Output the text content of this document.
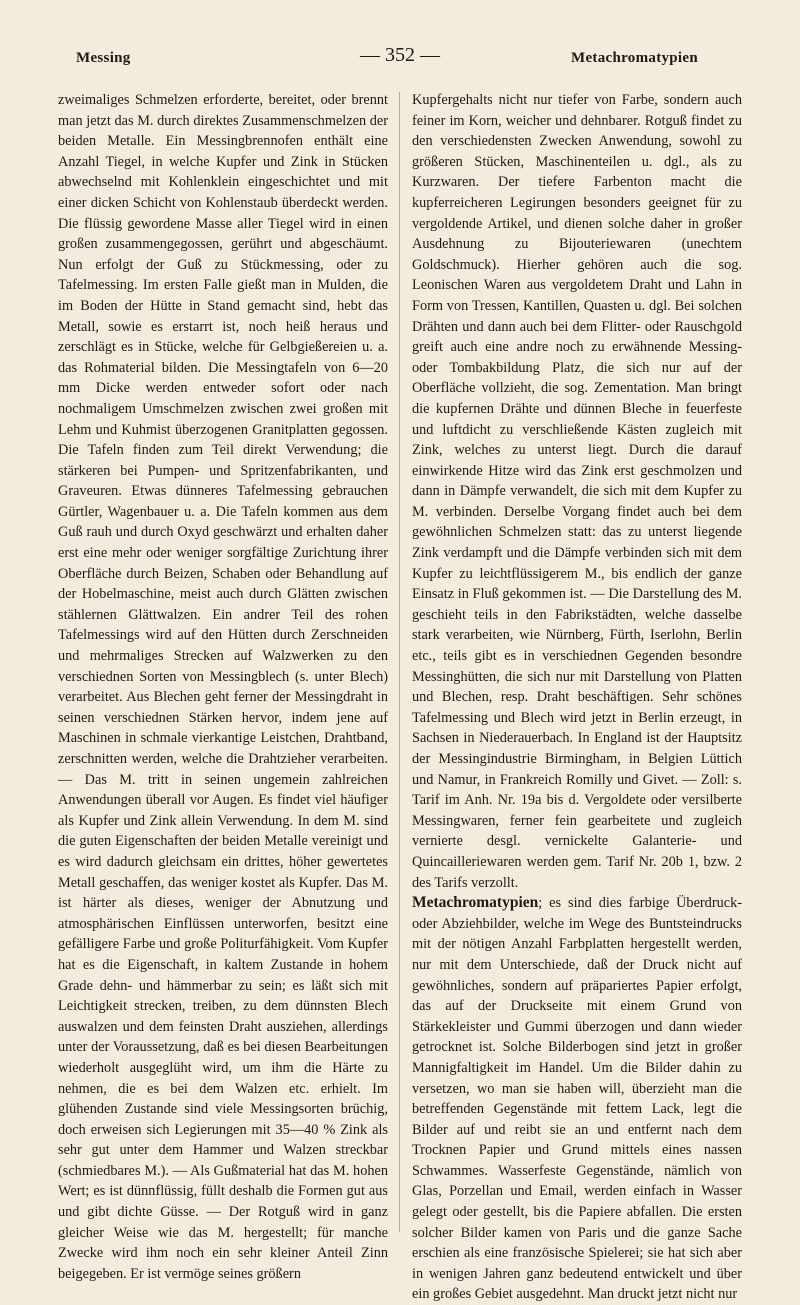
Messing	— 352 —	Metachromatypien

zweimaliges Schmelzen erforderte, bereitet, oder brennt man jetzt das M. durch direktes Zusammenschmelzen der beiden Metalle. Ein Messingbrennofen enthält eine Anzahl Tiegel, in welche Kupfer und Zink in Stücken abwechselnd mit Kohlenklein eingeschichtet und mit einer dicken Schicht von Kohlenstaub überdeckt werden. Die flüssig gewordene Masse aller Tiegel wird in einen großen zusammengegossen, gerührt und abgeschäumt. Nun erfolgt der Guß zu Stückmessing, oder zu Tafelmessing. Im ersten Falle gießt man in Mulden, die im Boden der Hütte in Stand gemacht sind, hebt das Metall, sowie es erstarrt ist, noch heiß heraus und zerschlägt es in Stücke, welche für Gelbgießereien u. a. das Rohmaterial bilden. Die Messingtafeln von 6—20 mm Dicke werden entweder sofort oder nach nochmaligem Umschmelzen zwischen zwei großen mit Lehm und Kuhmist überzogenen Granitplatten gegossen. Die Tafeln finden zum Teil direkt Verwendung; die stärkeren bei Pumpen- und Spritzenfabrikanten, und Graveuren. Etwas dünneres Tafelmessing gebrauchen Gürtler, Wagenbauer u. a. Die Tafeln kommen aus dem Guß rauh und durch Oxyd geschwärzt und erhalten daher erst eine mehr oder weniger sorgfältige Zurichtung ihrer Oberfläche durch Beizen, Schaben oder Behandlung auf der Hobelmaschine, meist auch durch Glätten zwischen stählernen Glättwalzen. Ein andrer Teil des rohen Tafelmessings wird auf den Hütten durch Zerschneiden und mehrmaliges Strecken auf Walzwerken zu den verschiednen Sorten von Messingblech (s. unter Blech) verarbeitet. Aus Blechen geht ferner der Messingdraht in seinen verschiednen Stärken hervor, indem jene auf Maschinen in schmale vierkantige Leistchen, Drahtband, zerschnitten werden, welche die Drahtzieher verarbeiten. — Das M. tritt in seinen ungemein zahlreichen Anwendungen überall vor Augen. Es findet viel häufiger als Kupfer und Zink allein Verwendung. In dem M. sind die guten Eigenschaften der beiden Metalle vereinigt und es wird dadurch gleichsam ein drittes, höher gewertetes Metall geschaffen, das weniger kostet als Kupfer. Das M. ist härter als dieses, weniger der Abnutzung und atmosphärischen Einflüssen unterworfen, besitzt eine gefälligere Farbe und große Politurfähigkeit. Vom Kupfer hat es die Eigenschaft, in kaltem Zustande in hohem Grade dehn- und hämmerbar zu sein; es läßt sich mit Leichtigkeit strecken, treiben, zu dem dünnsten Blech auswalzen und dem feinsten Draht ausziehen, allerdings unter der Voraussetzung, daß es bei diesen Bearbeitungen wiederholt ausgeglüht wird, um ihm die Härte zu nehmen, die es bei dem Walzen etc. erhielt. Im glühenden Zustande sind viele Messingsorten brüchig, doch erweisen sich Legierungen mit 35—40 % Zink als sehr gut unter dem Hammer und Walzen streckbar (schmiedbares M.). — Als Gußmaterial hat das M. hohen Wert; es ist dünnflüssig, füllt deshalb die Formen gut aus und gibt dichte Güsse. — Der Rotguß wird in ganz gleicher Weise wie das M. hergestellt; für manche Zwecke wird ihm noch ein sehr kleiner Anteil Zinn beigegeben. Er ist vermöge seines größern

Kupfergehalts nicht nur tiefer von Farbe, sondern auch feiner im Korn, weicher und dehnbarer. Rotguß findet zu den verschiedensten Zwecken Anwendung, sowohl zu größeren Stücken, Maschinenteilen u. dgl., als zu Kurzwaren. Der tiefere Farbenton macht die kupferreicheren Legirungen besonders geeignet für zu vergoldende Artikel, und dienen solche daher in großer Ausdehnung zu Bijouteriewaren (unechtem Goldschmuck). Hierher gehören auch die sog. Leonischen Waren aus vergoldetem Draht und Lahn in Form von Tressen, Kantillen, Quasten u. dgl. Bei solchen Drähten und dann auch bei dem Flitter- oder Rauschgold greift auch eine andre noch zu erwähnende Messing- oder Tombakbildung Platz, die sich nur auf der Oberfläche vollzieht, die sog. Zementation. Man bringt die kupfernen Drähte und dünnen Bleche in feuerfeste und luftdicht zu verschließende Kästen zugleich mit Zink, welches zu unterst liegt. Durch die darauf einwirkende Hitze wird das Zink erst geschmolzen und dann in Dämpfe verwandelt, die sich mit dem Kupfer zu M. verbinden. Derselbe Vorgang findet auch bei dem gewöhnlichen Schmelzen statt: das zu unterst liegende Zink verdampft und die Dämpfe verbinden sich mit dem Kupfer zu leichtflüssigerem M., bis endlich der ganze Einsatz in Fluß gekommen ist. — Die Darstellung des M. geschieht teils in den Fabrikstädten, welche dasselbe stark verarbeiten, wie Nürnberg, Fürth, Iserlohn, Berlin etc., teils gibt es in verschiednen Gegenden besondre Messinghütten, die sich nur mit Darstellung von Platten und Blechen, resp. Draht beschäftigen. Sehr schönes Tafelmessing und Blech wird jetzt in Berlin erzeugt, in Sachsen in Niederauerbach. In England ist der Hauptsitz der Messingindustrie Birmingham, in Belgien Lüttich und Namur, in Frankreich Romilly und Givet. — Zoll: s. Tarif im Anh. Nr. 19a bis d. Vergoldete oder versilberte Messingwaren, ferner fein gearbeitete und zugleich vernierte desgl. vernickelte Galanterie- und Quincailleriewaren werden gem. Tarif Nr. 20b 1, bzw. 2 des Tarifs verzollt.

Metachromatypien; es sind dies farbige Überdruck- oder Abziehbilder, welche im Wege des Buntsteindrucks mit der nötigen Anzahl Farbplatten hergestellt werden, nur mit dem Unterschiede, daß der Druck nicht auf gewöhnliches, sondern auf präpariertes Papier erfolgt, das auf der Druckseite mit einem Grund von Stärkekleister und Gummi überzogen und dann wieder getrocknet ist. Solche Bilderbogen sind jetzt in großer Mannigfaltigkeit im Handel. Um die Bilder dahin zu versetzen, wo man sie haben will, überzieht man die betreffenden Gegenstände mit fettem Lack, legt die Bilder auf und reibt sie an und entfernt nach dem Trocknen Papier und Grund mittels eines nassen Schwammes. Wasserfeste Gegenstände, nämlich von Glas, Porzellan und Email, werden einfach in Wasser gelegt oder gestellt, bis die Papiere abfallen. Die ersten solcher Bilder kamen von Paris und die ganze Sache erschien als eine französische Spielerei; sie hat sich aber in wenigen Jahren ganz bedeutend entwickelt und über ein großes Gebiet ausgedehnt. Man druckt jetzt nicht nur
